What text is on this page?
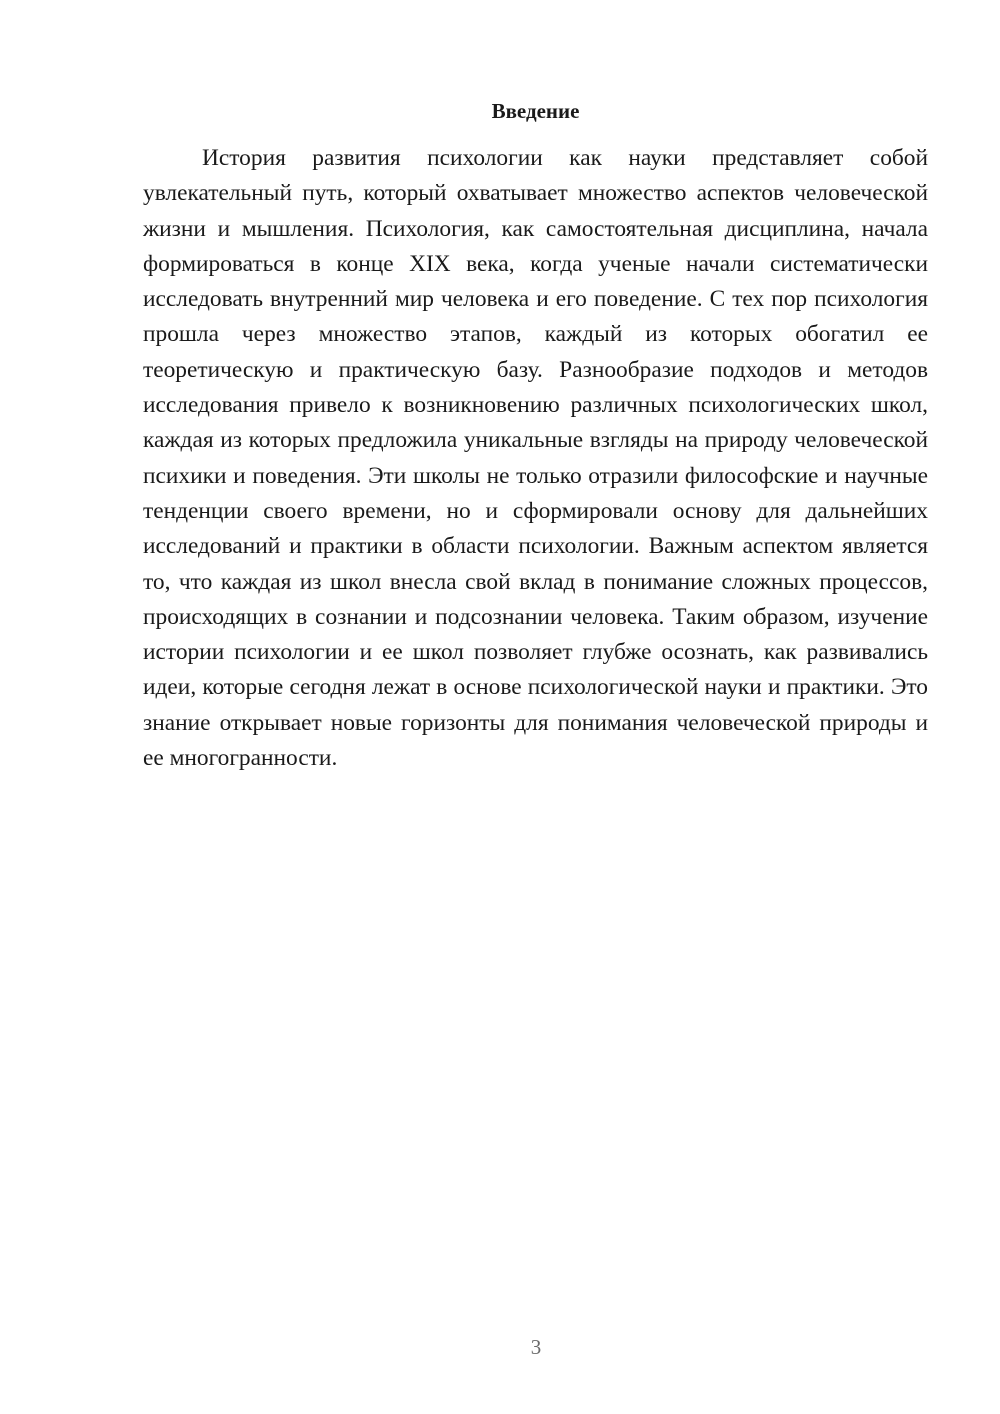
Введение

История развития психологии как науки представляет собой увлекательный путь, который охватывает множество аспектов человеческой жизни и мышления. Психология, как самостоятельная дисциплина, начала формироваться в конце XIX века, когда ученые начали систематически исследовать внутренний мир человека и его поведение. С тех пор психология прошла через множество этапов, каждый из которых обогатил ее теоретическую и практическую базу. Разнообразие подходов и методов исследования привело к возникновению различных психологических школ, каждая из которых предложила уникальные взгляды на природу человеческой психики и поведения. Эти школы не только отразили философские и научные тенденции своего времени, но и сформировали основу для дальнейших исследований и практики в области психологии. Важным аспектом является то, что каждая из школ внесла свой вклад в понимание сложных процессов, происходящих в сознании и подсознании человека. Таким образом, изучение истории психологии и ее школ позволяет глубже осознать, как развивались идеи, которые сегодня лежат в основе психологической науки и практики. Это знание открывает новые горизонты для понимания человеческой природы и ее многогранности.

3
